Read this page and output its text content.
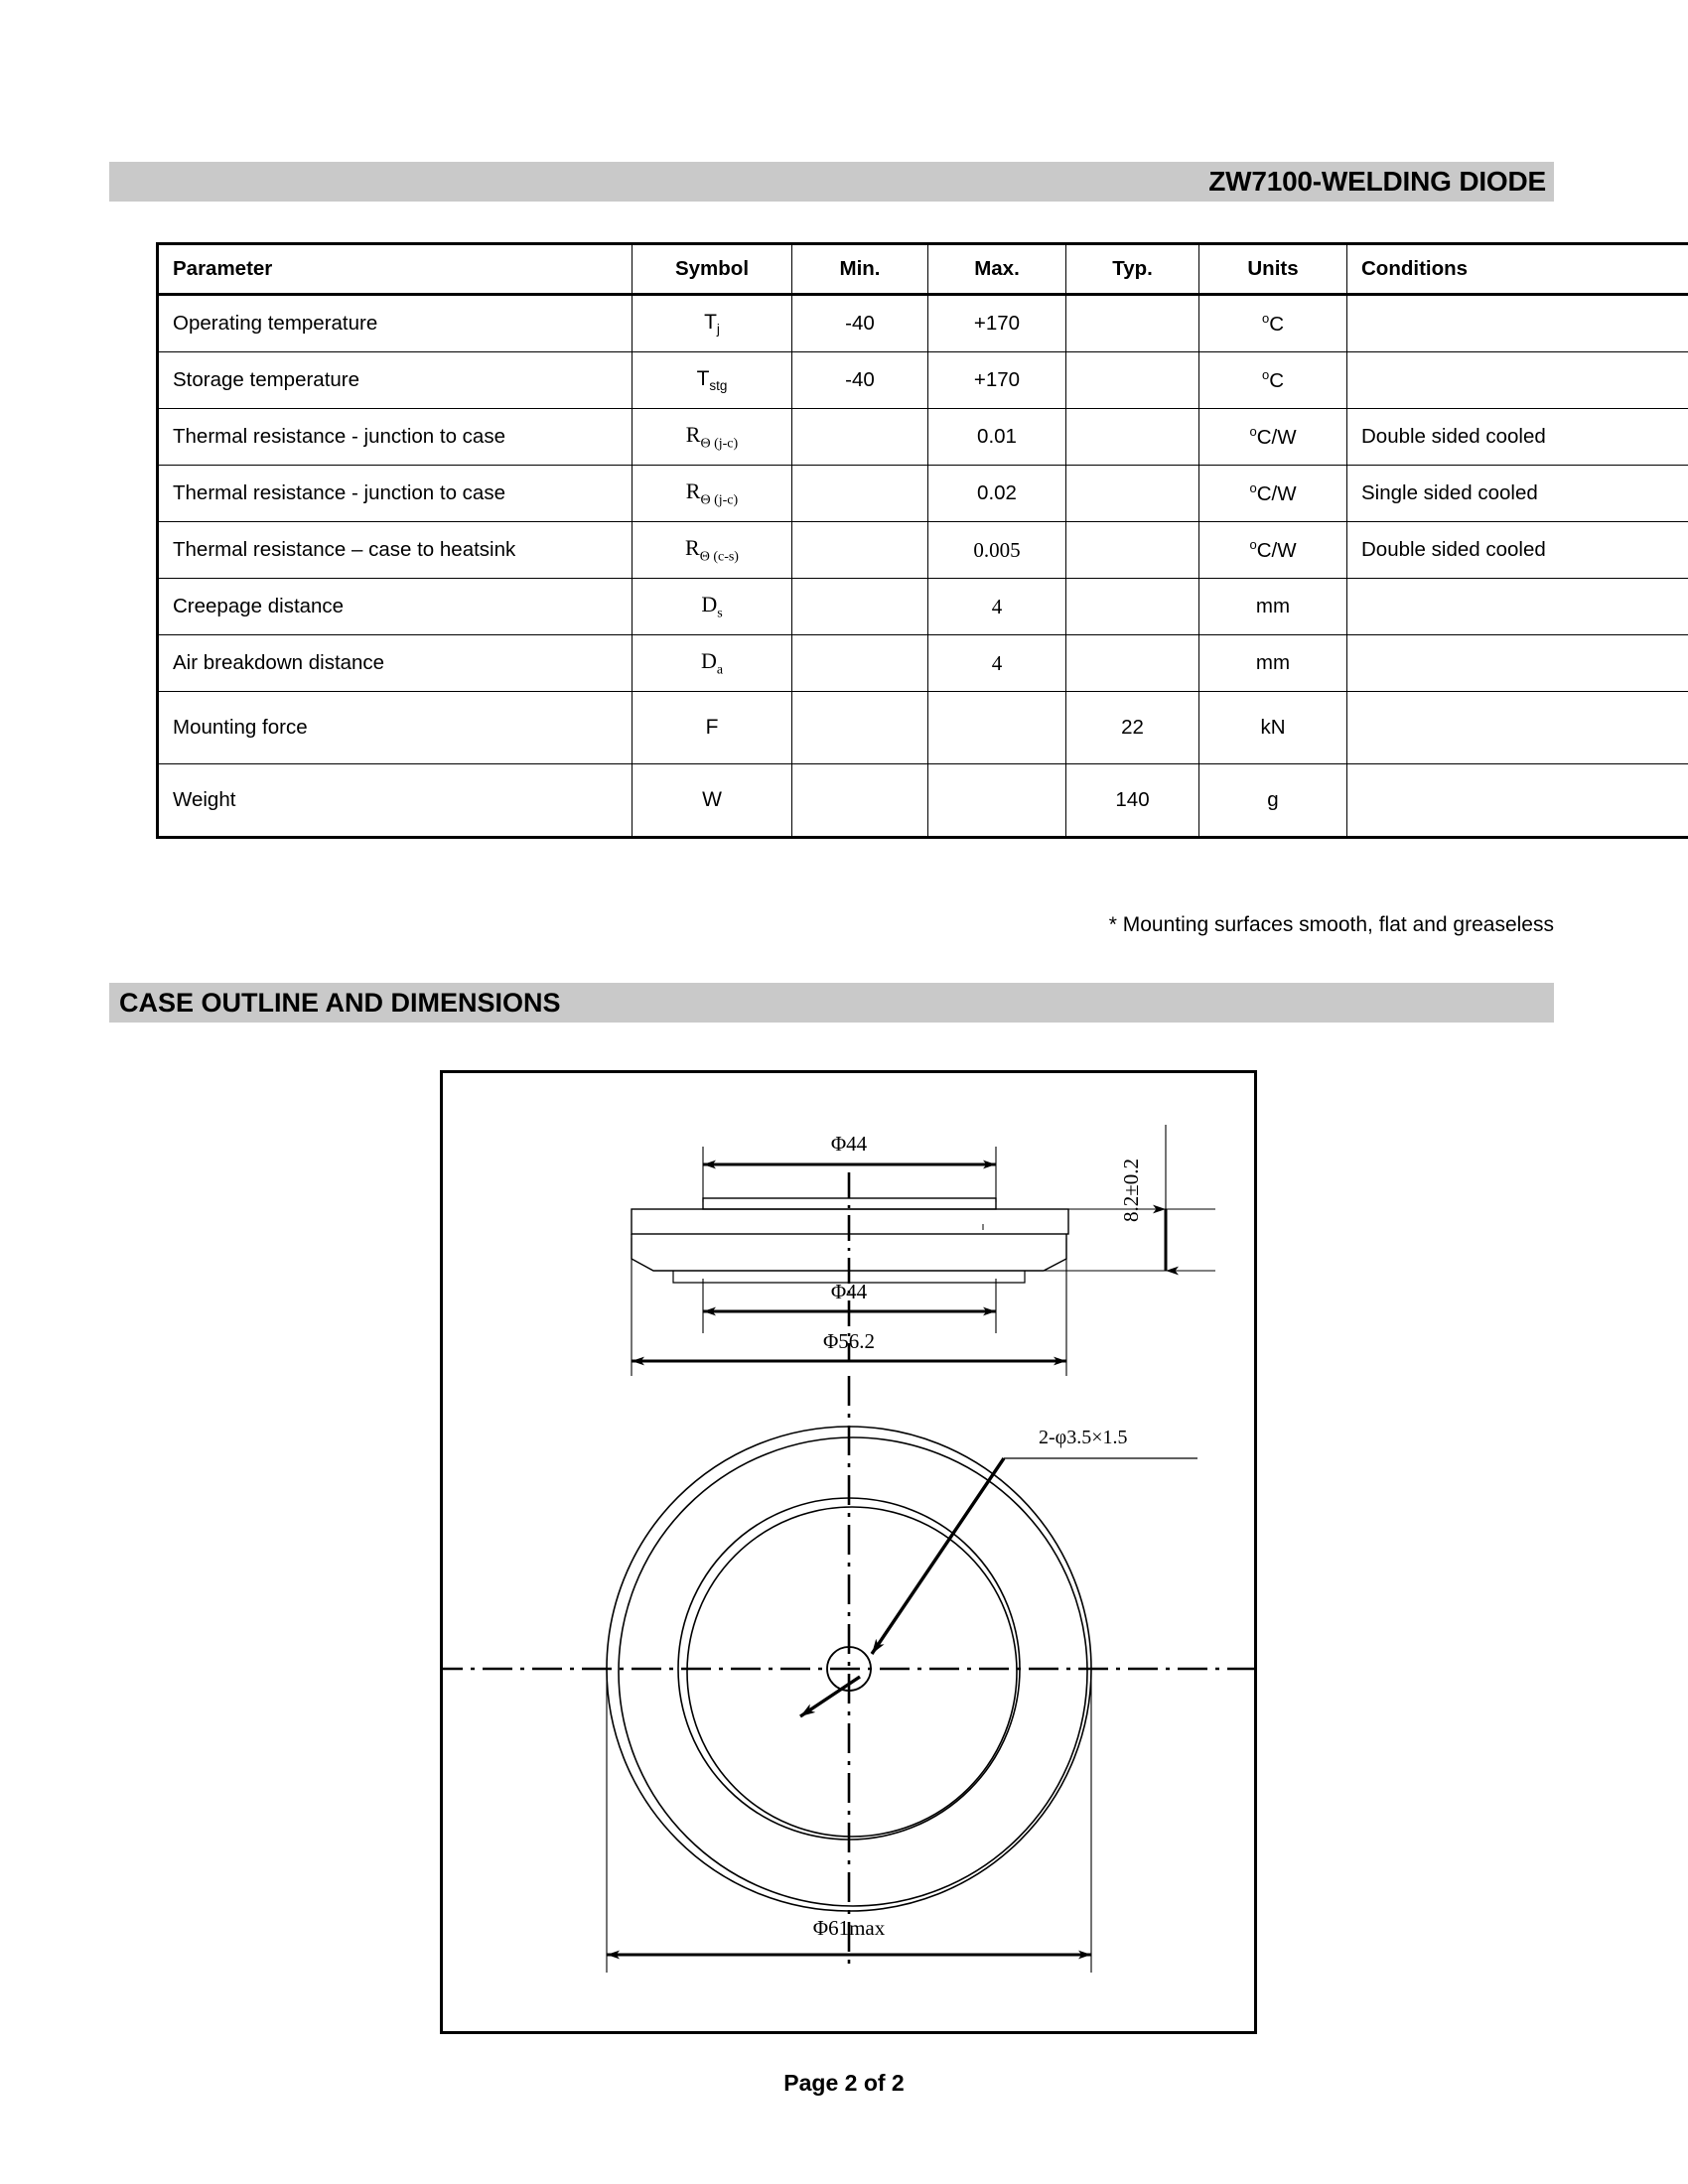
ZW7100-WELDING DIODE
Parameter	Symbol	Min.	Max.	Typ.	Units	Conditions
Operating temperature	$T_j$	-40	+170		$^o$C	
Storage temperature	$T_{stg}$	-40	+170		$^o$C	
Thermal resistance - junction to case	$R_{\Theta (j-c)}$		0.01		$^o$C/W	Double sided cooled
Thermal resistance - junction to case	$R_{\Theta (j-c)}$		0.02		$^o$C/W	Single sided cooled
Thermal resistance – case to heatsink	$R_{\Theta (c-s)}$		0.005		$^o$C/W	Double sided cooled
Creepage distance	$D_s$		4		mm	
Air breakdown distance	$D_a$		4		mm	
Mounting force	F			22	kN	
Weight	W			140	g	
* Mounting surfaces smooth, flat and greaseless
CASE OUTLINE AND DIMENSIONS
Φ44
8.2±0.2
Φ44
Φ56.2
2-φ3.5×1.5
Φ61max
Page 2 of 2
